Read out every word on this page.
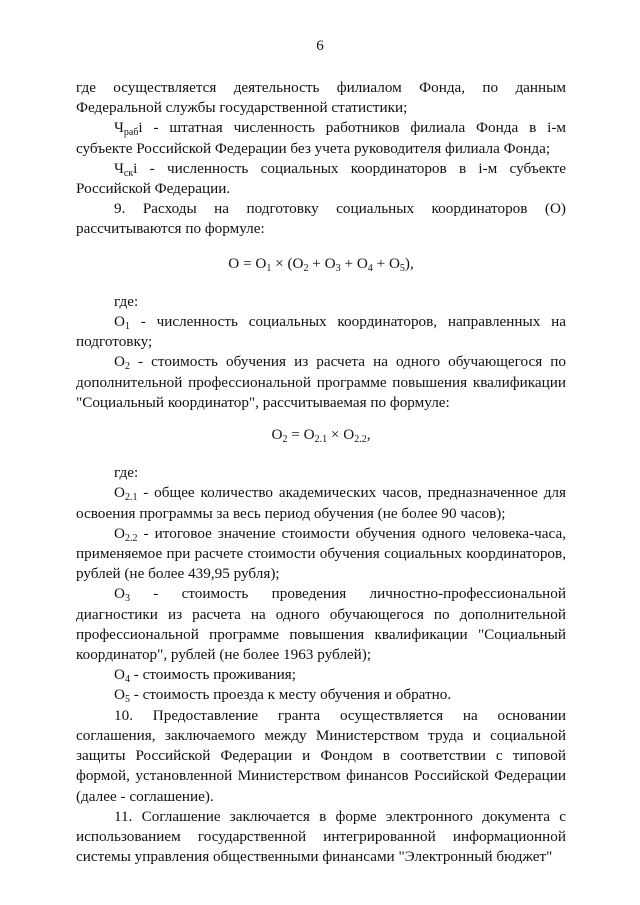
6

где осуществляется деятельность филиалом Фонда, по данным Федеральной службы государственной статистики;

$Ч_{раб}i$ - штатная численность работников филиала Фонда в i-м субъекте Российской Федерации без учета руководителя филиала Фонда;

$Ч_{ск}i$ - численность социальных координаторов в i-м субъекте Российской Федерации.

9. Расходы на подготовку социальных координаторов (О) рассчитываются по формуле:

$О = О_1 \times (О_2 + О_3 + О_4 + О_5)$,

где:

$О_1$ - численность социальных координаторов, направленных на подготовку;

$О_2$ - стоимость обучения из расчета на одного обучающегося по дополнительной профессиональной программе повышения квалификации "Социальный координатор", рассчитываемая по формуле:

$О_2 = О_{2.1} \times О_{2.2}$,

где:

$О_{2.1}$ - общее количество академических часов, предназначенное для освоения программы за весь период обучения (не более 90 часов);

$О_{2.2}$ - итоговое значение стоимости обучения одного человека-часа, применяемое при расчете стоимости обучения социальных координаторов, рублей (не более 439,95 рубля);

$О_3$ - стоимость проведения личностно-профессиональной диагностики из расчета на одного обучающегося по дополнительной профессиональной программе повышения квалификации "Социальный координатор", рублей (не более 1963 рублей);

$О_4$ - стоимость проживания;

$О_5$ - стоимость проезда к месту обучения и обратно.

10. Предоставление гранта осуществляется на основании соглашения, заключаемого между Министерством труда и социальной защиты Российской Федерации и Фондом в соответствии с типовой формой, установленной Министерством финансов Российской Федерации (далее - соглашение).

11. Соглашение заключается в форме электронного документа с использованием государственной интегрированной информационной системы управления общественными финансами "Электронный бюджет"
